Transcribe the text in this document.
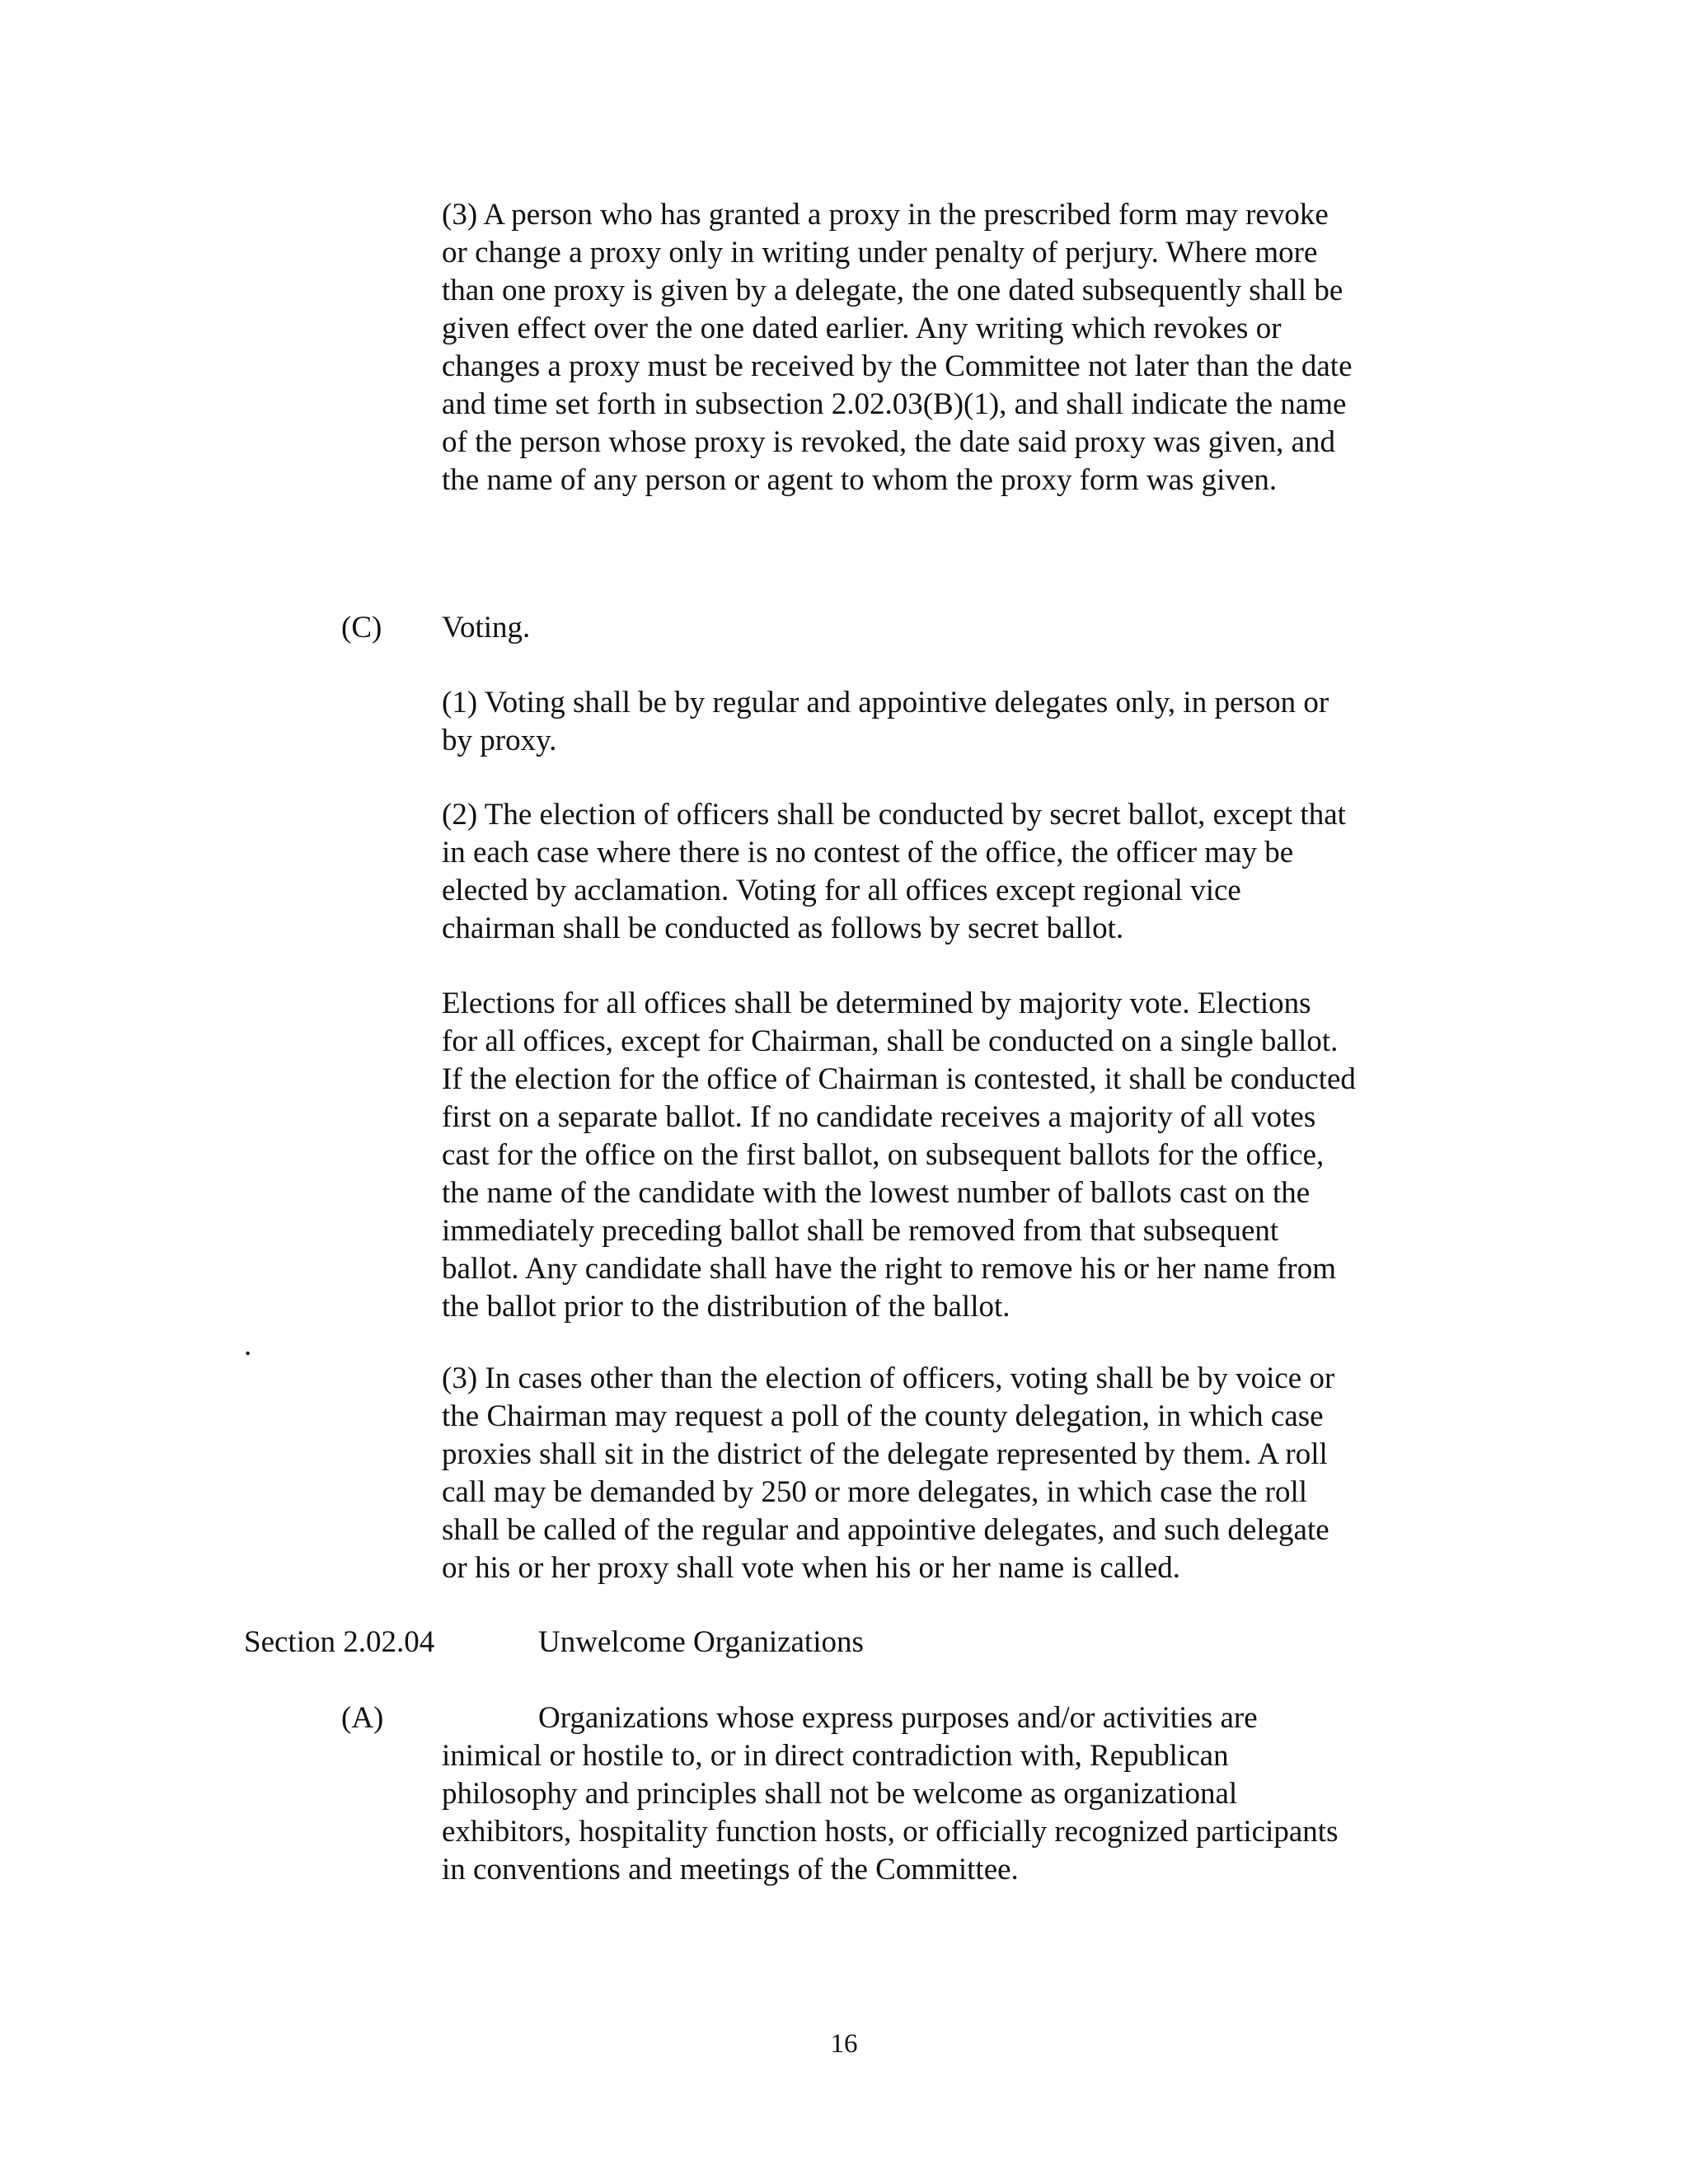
(3) A person who has granted a proxy in the prescribed form may revoke
or change a proxy only in writing under penalty of perjury. Where more
than one proxy is given by a delegate, the one dated subsequently shall be
given effect over the one dated earlier. Any writing which revokes or
changes a proxy must be received by the Committee not later than the date
and time set forth in subsection 2.02.03(B)(1), and shall indicate the name
of the person whose proxy is revoked, the date said proxy was given, and
the name of any person or agent to whom the proxy form was given.
(C) Voting.
(1) Voting shall be by regular and appointive delegates only, in person or
by proxy.
(2) The election of officers shall be conducted by secret ballot, except that
in each case where there is no contest of the office, the officer may be
elected by acclamation. Voting for all offices except regional vice
chairman shall be conducted as follows by secret ballot.
Elections for all offices shall be determined by majority vote. Elections
for all offices, except for Chairman, shall be conducted on a single ballot.
If the election for the office of Chairman is contested, it shall be conducted
first on a separate ballot. If no candidate receives a majority of all votes
cast for the office on the first ballot, on subsequent ballots for the office,
the name of the candidate with the lowest number of ballots cast on the
immediately preceding ballot shall be removed from that subsequent
ballot. Any candidate shall have the right to remove his or her name from
the ballot prior to the distribution of the ballot.
.
(3) In cases other than the election of officers, voting shall be by voice or
the Chairman may request a poll of the county delegation, in which case
proxies shall sit in the district of the delegate represented by them. A roll
call may be demanded by 250 or more delegates, in which case the roll
shall be called of the regular and appointive delegates, and such delegate
or his or her proxy shall vote when his or her name is called.
Section 2.02.04	Unwelcome Organizations
(A)	Organizations whose express purposes and/or activities are
inimical or hostile to, or in direct contradiction with, Republican
philosophy and principles shall not be welcome as organizational
exhibitors, hospitality function hosts, or officially recognized participants
in conventions and meetings of the Committee.
16
